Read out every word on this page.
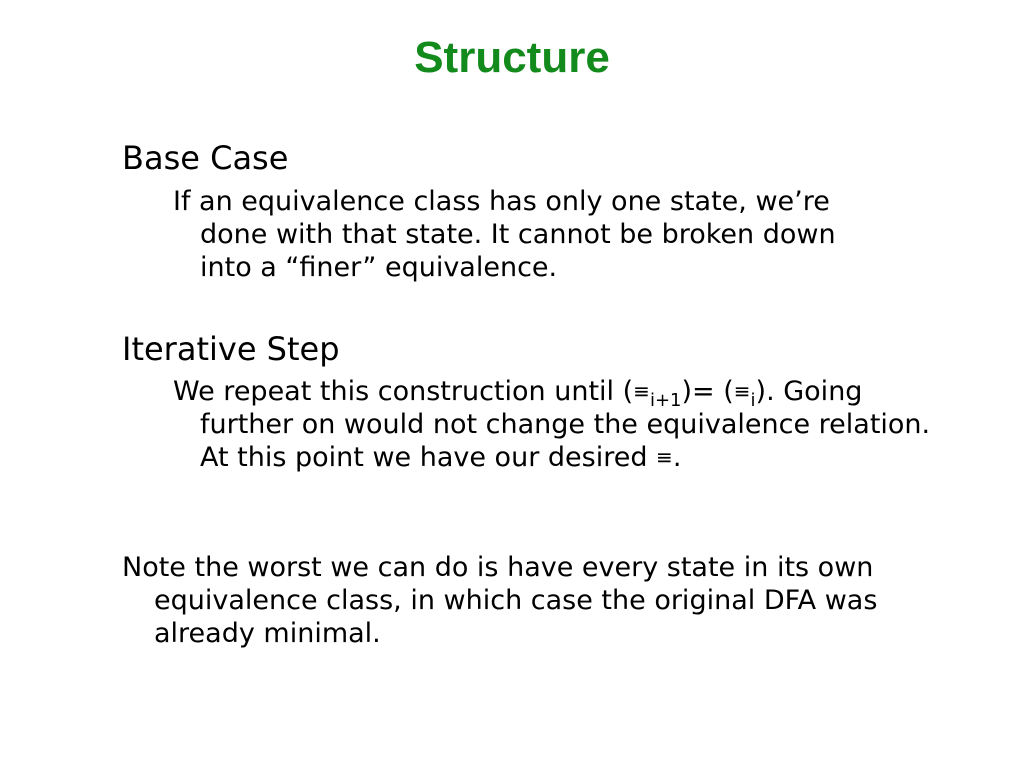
Structure
Base Case
If an equivalence class has only one state, we’re done with that state. It cannot be broken down into a “finer” equivalence.
Iterative Step
We repeat this construction until $(\equiv_{i+1})= (\equiv_i)$. Going further on would not change the equivalence relation. At this point we have our desired ≡.
Note the worst we can do is have every state in its own equivalence class, in which case the original DFA was already minimal.
